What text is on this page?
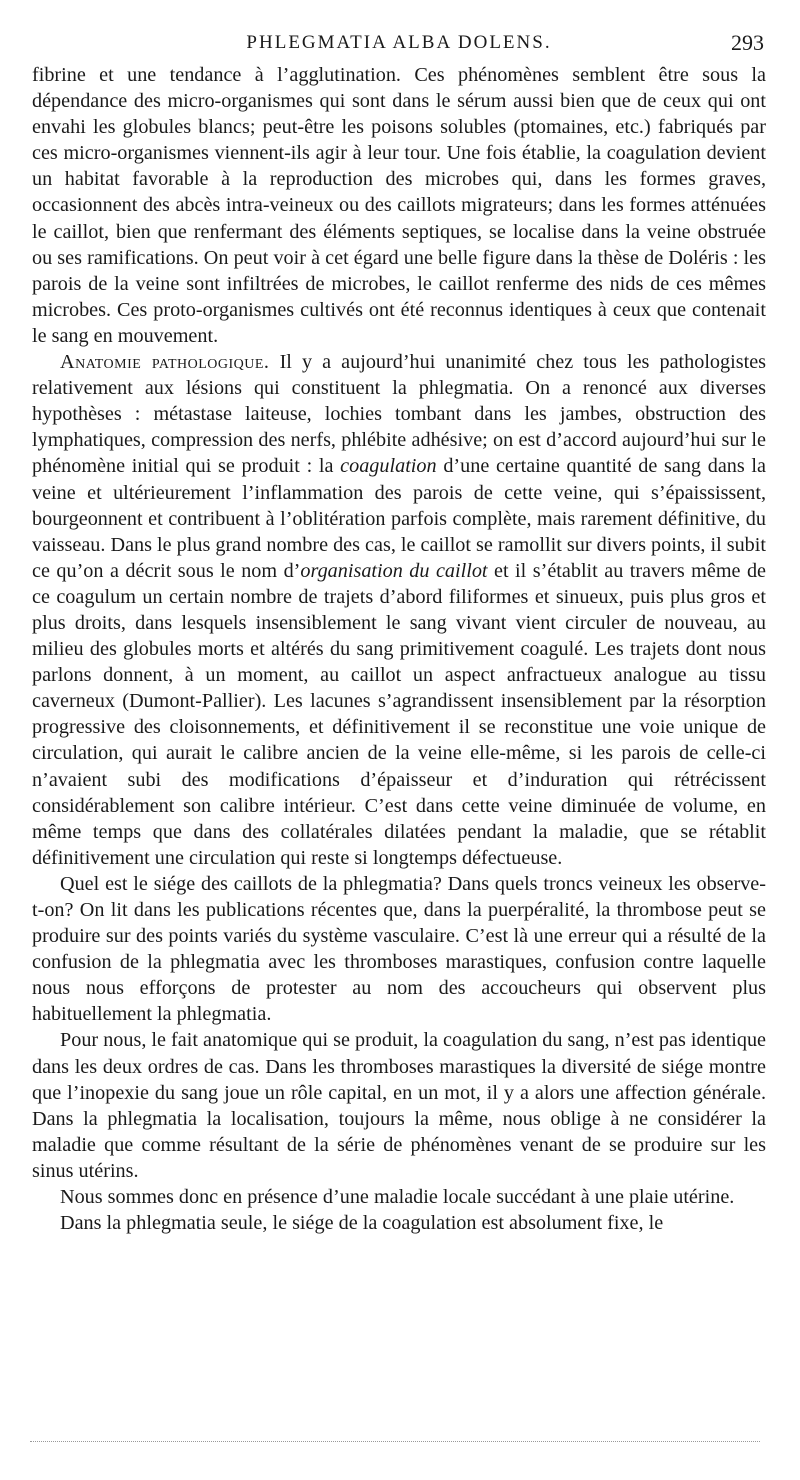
PHLEGMATIA ALBA DOLENS.	293

fibrine et une tendance à l’agglutination. Ces phénomènes semblent être sous la dépendance des micro-organismes qui sont dans le sérum aussi bien que de ceux qui ont envahi les globules blancs; peut-être les poisons solubles (ptomaines, etc.) fabriqués par ces micro-organismes viennent-ils agir à leur tour. Une fois établie, la coagulation devient un habitat favorable à la reproduction des microbes qui, dans les formes graves, occasionnent des abcès intra-veineux ou des caillots migrateurs; dans les formes atténuées le caillot, bien que renfermant des éléments septiques, se localise dans la veine obstruée ou ses ramifications. On peut voir à cet égard une belle figure dans la thèse de Doléris : les parois de la veine sont infiltrées de microbes, le caillot renferme des nids de ces mêmes microbes. Ces proto-organismes cultivés ont été reconnus identiques à ceux que contenait le sang en mouvement.

Anatomie pathologique. Il y a aujourd’hui unanimité chez tous les pathologistes relativement aux lésions qui constituent la phlegmatia. On a renoncé aux diverses hypothèses : métastase laiteuse, lochies tombant dans les jambes, obstruction des lymphatiques, compression des nerfs, phlébite adhésive; on est d’accord aujourd’hui sur le phénomène initial qui se produit : la coagulation d’une certaine quantité de sang dans la veine et ultérieurement l’inflammation des parois de cette veine, qui s’épaississent, bourgeonnent et contribuent à l’oblitération parfois complète, mais rarement définitive, du vaisseau. Dans le plus grand nombre des cas, le caillot se ramollit sur divers points, il subit ce qu’on a décrit sous le nom d’organisation du caillot et il s’établit au travers même de ce coagulum un certain nombre de trajets d’abord filiformes et sinueux, puis plus gros et plus droits, dans lesquels insensiblement le sang vivant vient circuler de nouveau, au milieu des globules morts et altérés du sang primitivement coagulé. Les trajets dont nous parlons donnent, à un moment, au caillot un aspect anfractueux analogue au tissu caverneux (Dumont-Pallier). Les lacunes s’agrandissent insensiblement par la résorption progressive des cloisonnements, et définitivement il se reconstitue une voie unique de circulation, qui aurait le calibre ancien de la veine elle-même, si les parois de celle-ci n’avaient subi des modifications d’épaisseur et d’induration qui rétrécissent considérablement son calibre intérieur. C’est dans cette veine diminuée de volume, en même temps que dans des collatérales dilatées pendant la maladie, que se rétablit définitivement une circulation qui reste si longtemps défectueuse.

Quel est le siége des caillots de la phlegmatia? Dans quels troncs veineux les observe-t-on? On lit dans les publications récentes que, dans la puerpéralité, la thrombose peut se produire sur des points variés du système vasculaire. C’est là une erreur qui a résulté de la confusion de la phlegmatia avec les thromboses marastiques, confusion contre laquelle nous nous efforçons de protester au nom des accoucheurs qui observent plus habituellement la phlegmatia.

Pour nous, le fait anatomique qui se produit, la coagulation du sang, n’est pas identique dans les deux ordres de cas. Dans les thromboses marastiques la diversité de siége montre que l’inopexie du sang joue un rôle capital, en un mot, il y a alors une affection générale. Dans la phlegmatia la localisation, toujours la même, nous oblige à ne considérer la maladie que comme résultant de la série de phénomènes venant de se produire sur les sinus utérins.

Nous sommes donc en présence d’une maladie locale succédant à une plaie utérine.

Dans la phlegmatia seule, le siége de la coagulation est absolument fixe, le
